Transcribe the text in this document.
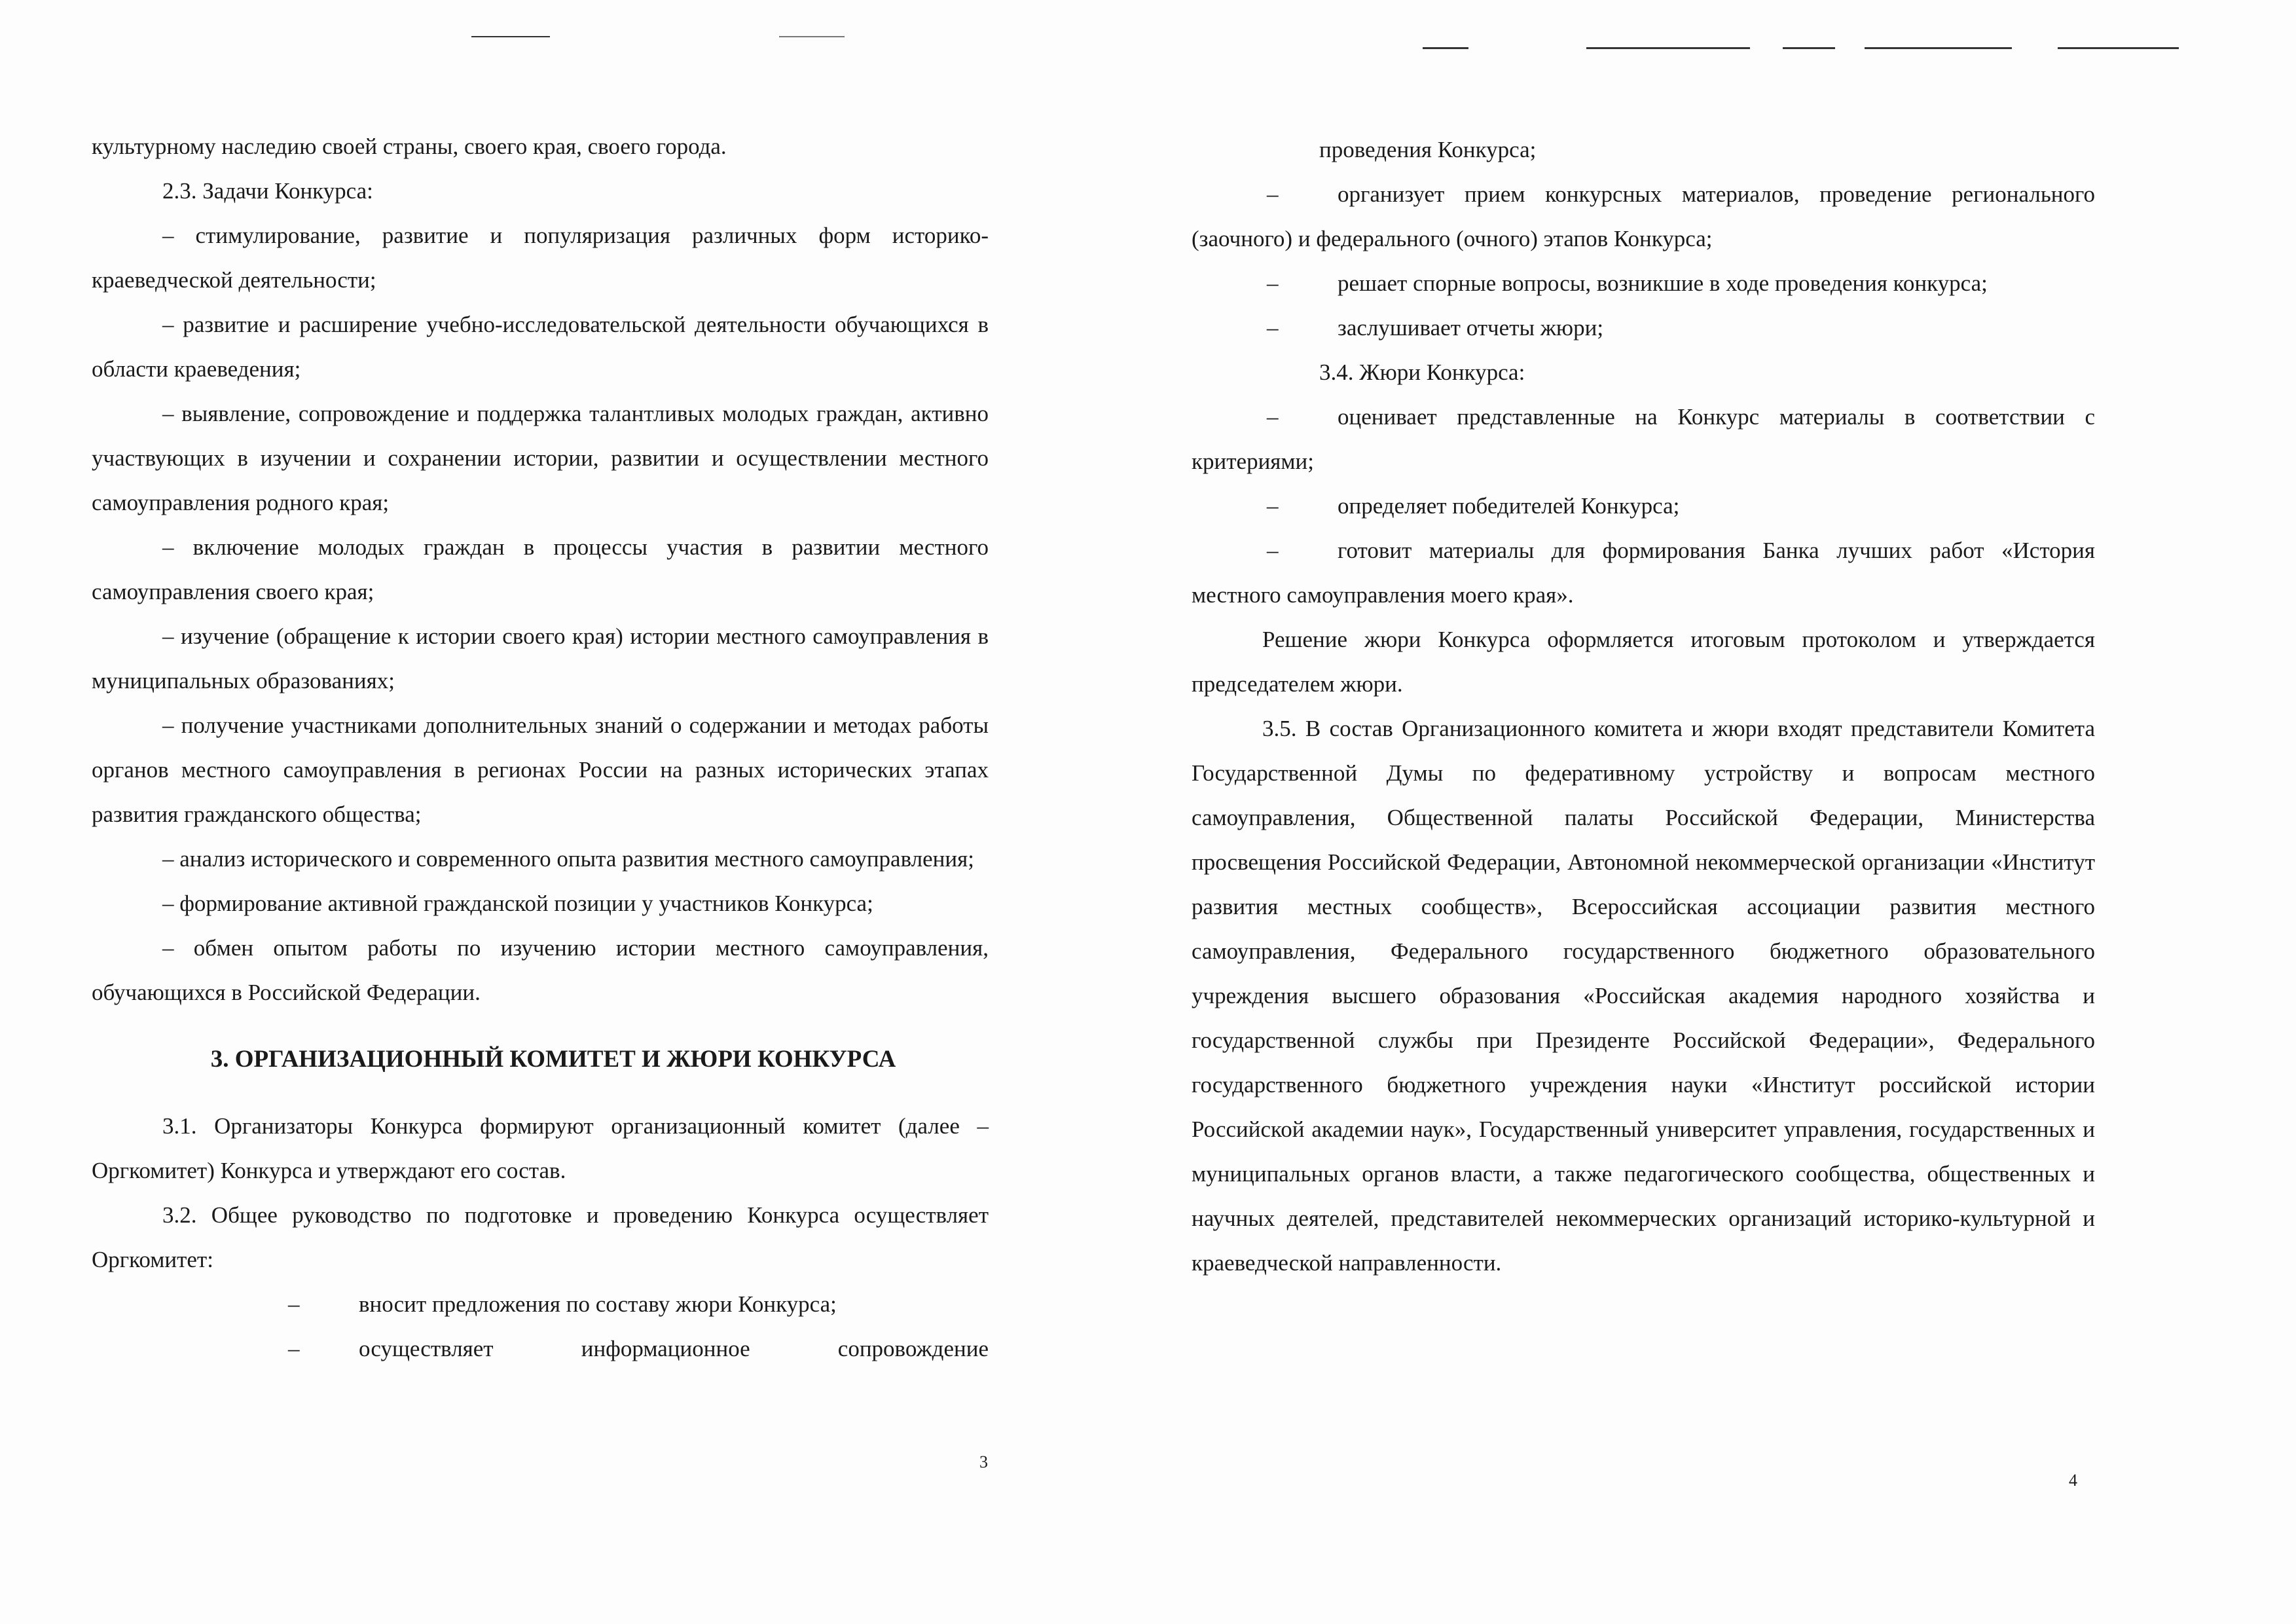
культурному наследию своей страны, своего края, своего города.

2.3. Задачи Конкурса:

– стимулирование, развитие и популяризация различных форм историко-краеведческой деятельности;

– развитие и расширение учебно-исследовательской деятельности обучающихся в области краеведения;

– выявление, сопровождение и поддержка талантливых молодых граждан, активно участвующих в изучении и сохранении истории, развитии и осуществлении местного самоуправления родного края;

– включение молодых граждан в процессы участия в развитии местного самоуправления своего края;

– изучение (обращение к истории своего края) истории местного самоуправления в муниципальных образованиях;

– получение участниками дополнительных знаний о содержании и методах работы органов местного самоуправления в регионах России на разных исторических этапах развития гражданского общества;

– анализ исторического и современного опыта развития местного самоуправления;

– формирование активной гражданской позиции у участников Конкурса;

– обмен опытом работы по изучению истории местного самоуправления, обучающихся в Российской Федерации.

3. ОРГАНИЗАЦИОННЫЙ КОМИТЕТ И ЖЮРИ КОНКУРСА

3.1. Организаторы Конкурса формируют организационный комитет (далее – Оргкомитет) Конкурса и утверждают его состав.

3.2. Общее руководство по подготовке и проведению Конкурса осуществляет Оргкомитет:

–	вносит предложения по составу жюри Конкурса;
–	осуществляет информационное сопровождение
3

проведения Конкурса;

–	организует прием конкурсных материалов, проведение регионального (заочного) и федерального (очного) этапов Конкурса;
–	решает спорные вопросы, возникшие в ходе проведения конкурса;
–	заслушивает отчеты жюри;

3.4. Жюри Конкурса:

–	оценивает представленные на Конкурс материалы в соответствии с критериями;
–	определяет победителей Конкурса;
–	готовит материалы для формирования Банка лучших работ «История местного самоуправления моего края».

Решение жюри Конкурса оформляется итоговым протоколом и утверждается председателем жюри.

3.5. В состав Организационного комитета и жюри входят представители Комитета Государственной Думы по федеративному устройству и вопросам местного самоуправления, Общественной палаты Российской Федерации, Министерства просвещения Российской Федерации, Автономной некоммерческой организации «Институт развития местных сообществ», Всероссийская ассоциации развития местного самоуправления, Федерального государственного бюджетного образовательного учреждения высшего образования «Российская академия народного хозяйства и государственной службы при Президенте Российской Федерации», Федерального государственного бюджетного учреждения науки «Институт российской истории Российской академии наук», Государственный университет управления, государственных и муниципальных органов власти, а также педагогического сообщества, общественных и научных деятелей, представителей некоммерческих организаций историко-культурной и краеведческой направленности.

4
